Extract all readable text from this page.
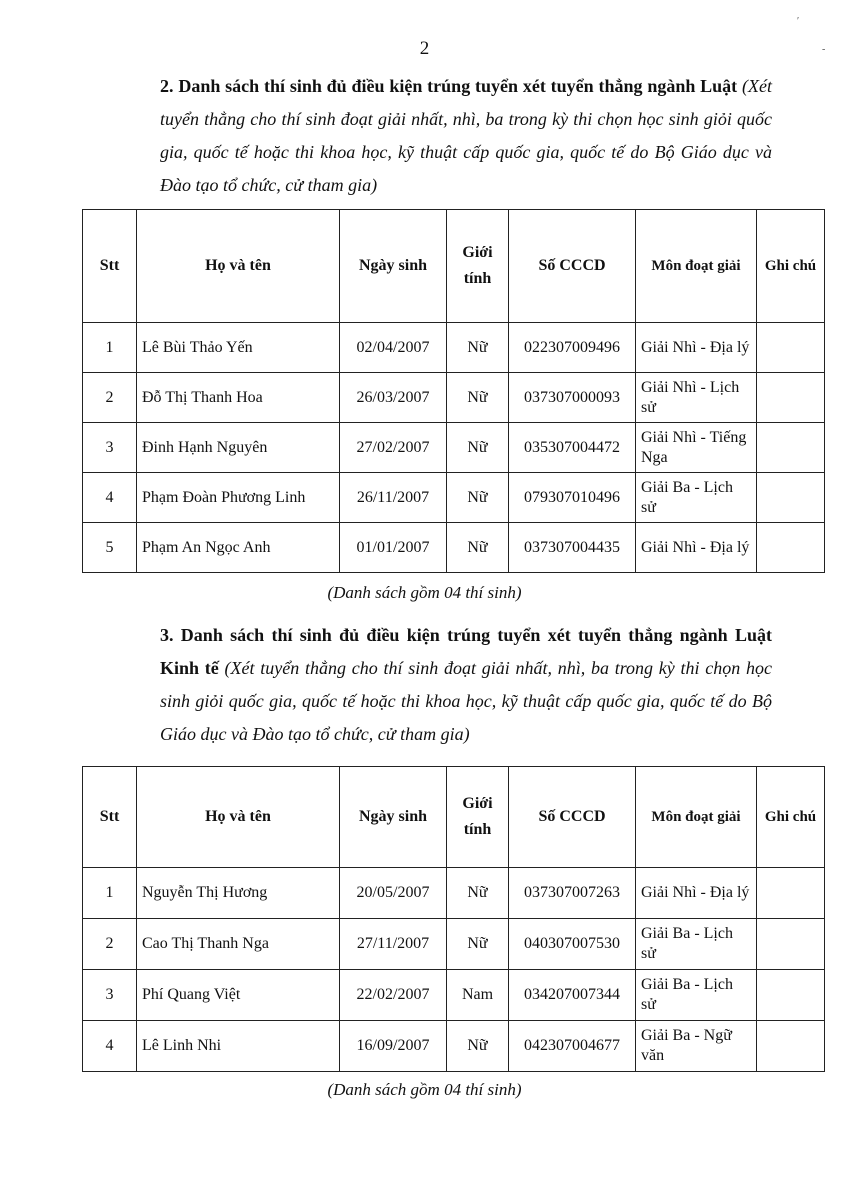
′
-
2
2. Danh sách thí sinh đủ điều kiện trúng tuyển xét tuyển thẳng ngành Luật (Xét tuyển thẳng cho thí sinh đoạt giải nhất, nhì, ba trong kỳ thi chọn học sinh giỏi quốc gia, quốc tế hoặc thi khoa học, kỹ thuật cấp quốc gia, quốc tế do Bộ Giáo dục và Đào tạo tổ chức, cử tham gia)
Stt	Họ và tên	Ngày sinh	Giới tính	Số CCCD	Môn đoạt giải	Ghi chú
1	Lê Bùi Thảo Yến	02/04/2007	Nữ	022307009496	Giải Nhì - Địa lý	
2	Đỗ Thị Thanh Hoa	26/03/2007	Nữ	037307000093	Giải Nhì - Lịch sử	
3	Đinh Hạnh Nguyên	27/02/2007	Nữ	035307004472	Giải Nhì - Tiếng Nga	
4	Phạm Đoàn Phương Linh	26/11/2007	Nữ	079307010496	Giải Ba - Lịch sử	
5	Phạm An Ngọc Anh	01/01/2007	Nữ	037307004435	Giải Nhì - Địa lý	
(Danh sách gồm 04 thí sinh)
3. Danh sách thí sinh đủ điều kiện trúng tuyển xét tuyển thẳng ngành Luật Kinh tế (Xét tuyển thẳng cho thí sinh đoạt giải nhất, nhì, ba trong kỳ thi chọn học sinh giỏi quốc gia, quốc tế hoặc thi khoa học, kỹ thuật cấp quốc gia, quốc tế do Bộ Giáo dục và Đào tạo tổ chức, cử tham gia)
Stt	Họ và tên	Ngày sinh	Giới tính	Số CCCD	Môn đoạt giải	Ghi chú
1	Nguyễn Thị Hương	20/05/2007	Nữ	037307007263	Giải Nhì - Địa lý	
2	Cao Thị Thanh Nga	27/11/2007	Nữ	040307007530	Giải Ba - Lịch sử	
3	Phí Quang Việt	22/02/2007	Nam	034207007344	Giải Ba - Lịch sử	
4	Lê Linh Nhi	16/09/2007	Nữ	042307004677	Giải Ba - Ngữ văn	
(Danh sách gồm 04 thí sinh)
